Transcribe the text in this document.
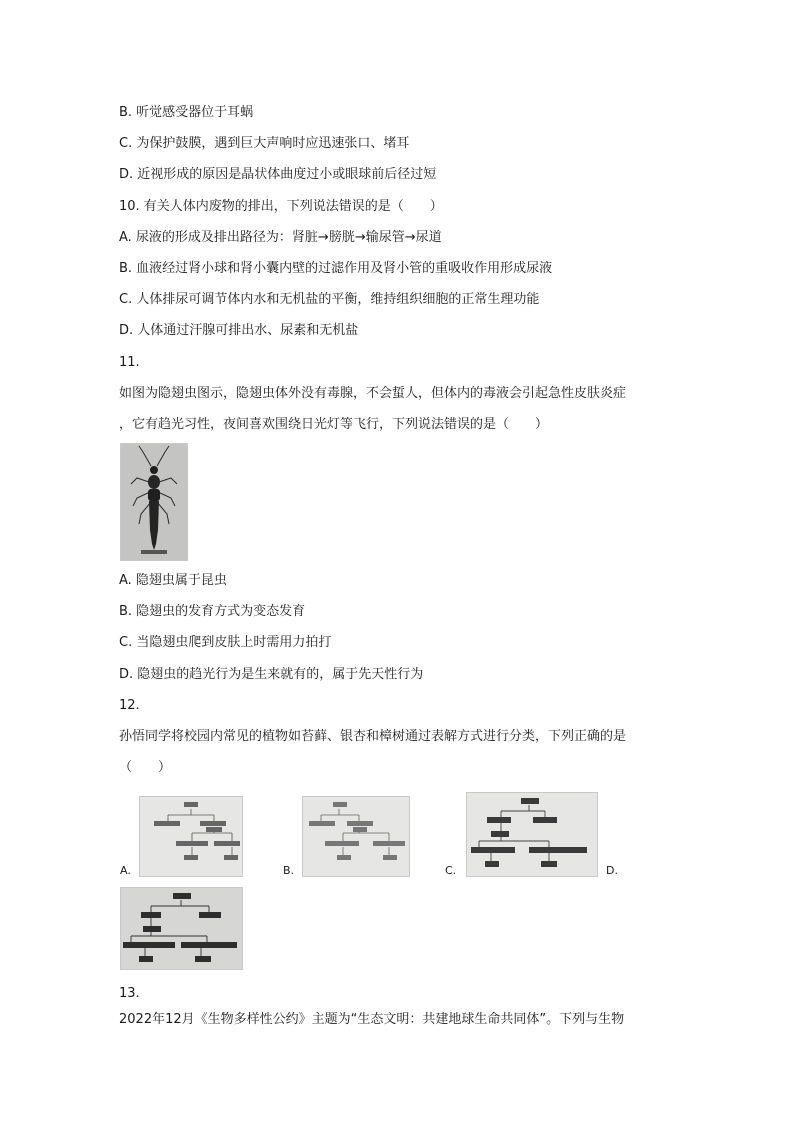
B. 听觉感受器位于耳蜗
C. 为保护鼓膜，遇到巨大声响时应迅速张口、堵耳
D. 近视形成的原因是晶状体曲度过小或眼球前后径过短
10. 有关人体内废物的排出，下列说法错误的是（　　）
A. 尿液的形成及排出路径为：肾脏→膀胱→输尿管→尿道
B. 血液经过肾小球和肾小囊内壁的过滤作用及肾小管的重吸收作用形成尿液
C. 人体排尿可调节体内水和无机盐的平衡，维持组织细胞的正常生理功能
D. 人体通过汗腺可排出水、尿素和无机盐
11.
如图为隐翅虫图示，隐翅虫体外没有毒腺，不会蜇人，但体内的毒液会引起急性皮肤炎症
，它有趋光习性，夜间喜欢围绕日光灯等飞行，下列说法错误的是（　　）
A. 隐翅虫属于昆虫
B. 隐翅虫的发育方式为变态发育
C. 当隐翅虫爬到皮肤上时需用力拍打
D. 隐翅虫的趋光行为是生来就有的，属于先天性行为
12.
孙悟同学将校园内常见的植物如苔藓、银杏和樟树通过表解方式进行分类，下列正确的是
（　　）
A.	B.	C.	D.
13.
2022年12月《生物多样性公约》主题为“生态文明：共建地球生命共同体”。下列与生物
